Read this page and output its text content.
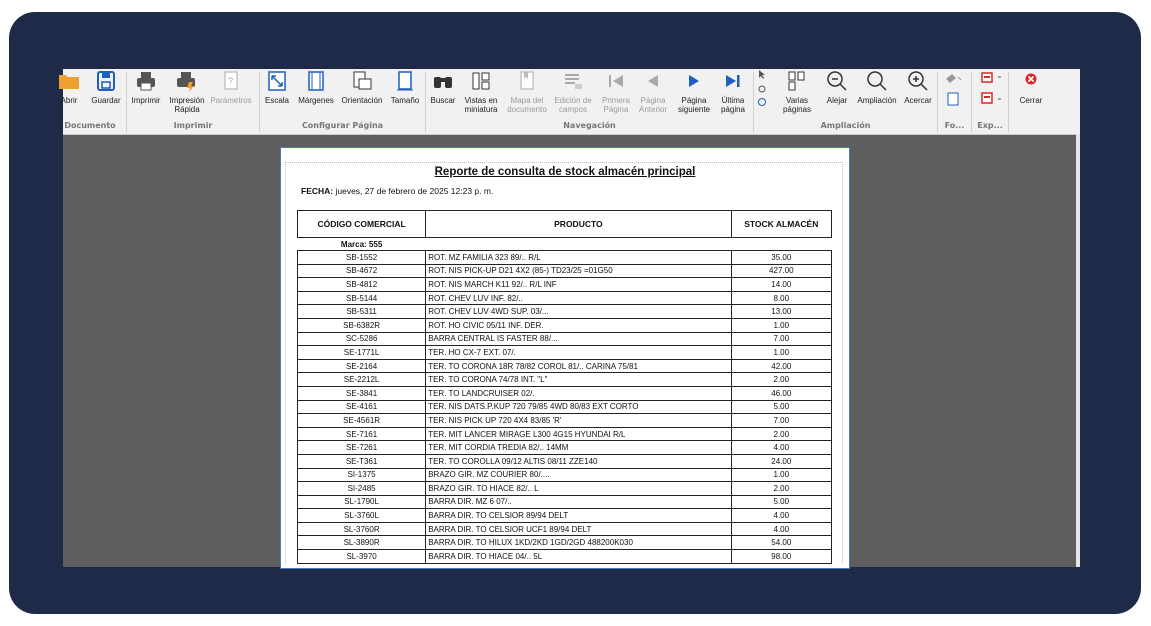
Abrir	Guardar Imprimir	Impresión Rápida
?
Parámetros Escala Márgenes Orientación Tamaño Buscar	Vistas en miniatura
Mapa del documento
Edición de campos
Primera Página
Página Anterior
Página siguiente
Última página
Varias páginas
Alejar	Ampliación Acercar	Cerrar
Documento	Imprimir	Configurar Página	Navegación	Ampliación	Fo...	Exp...
Reporte de consulta de stock almacén principal
FECHA: jueves, 27 de febrero de 2025 12:23 p. m.
CÓDIGO COMERCIAL	PRODUCTO	STOCK ALMACÉN
Marca: 555		
SB-1552	ROT. MZ FAMILIA 323 89/.. R/L	35.00
SB-4672	ROT. NIS PICK-UP D21 4X2 (85-) TD23/25 =01G50	427.00
SB-4812	ROT. NIS MARCH K11 92/.. R/L INF	14.00
SB-5144	ROT. CHEV LUV INF. 82/..	8.00
SB-5311	ROT. CHEV LUV 4WD SUP. 03/...	13.00
SB-6382R	ROT. HO CIVIC 05/11 INF. DER.	1.00
SC-5286	BARRA CENTRAL IS FASTER 88/...	7.00
SE-1771L	TER. HO CX-7 EXT. 07/.	1.00
SE-2164	TER. TO CORONA 18R 78/82 COROL 81/.. CARINA 75/81	42.00
SE-2212L	TER. TO CORONA 74/78 INT. "L"	2.00
SE-3841	TER. TO LANDCRUISER 02/.	46.00
SE-4161	TER. NIS DATS.P.KUP 720 79/85 4WD 80/83 EXT CORTO	5.00
SE-4561R	TER. NIS PICK UP 720 4X4 83/85 'R'	7.00
SE-7161	TER. MIT LANCER MIRAGE L300 4G15 HYUNDAI R/L	2.00
SE-7261	TER. MIT CORDIA TREDIA 82/.. 14MM	4.00
SE-T361	TER. TO COROLLA 09/12 ALTIS 08/11 ZZE140	24.00
SI-1375	BRAZO GIR. MZ COURIER 80/....	1.00
SI-2485	BRAZO GIR. TO HIACE 82/.. L	2.00
SL-1790L	BARRA DIR. MZ 6 07/..	5.00
SL-3760L	BARRA DIR. TO CELSIOR 89/94 DELT	4.00
SL-3760R	BARRA DIR. TO CELSIOR UCF1 89/94 DELT	4.00
SL-3890R	BARRA DIR. TO HILUX 1KD/2KD 1GD/2GD 488200K030	54.00
SL-3970	BARRA DIR. TO HIACE 04/.. 5L	98.00
